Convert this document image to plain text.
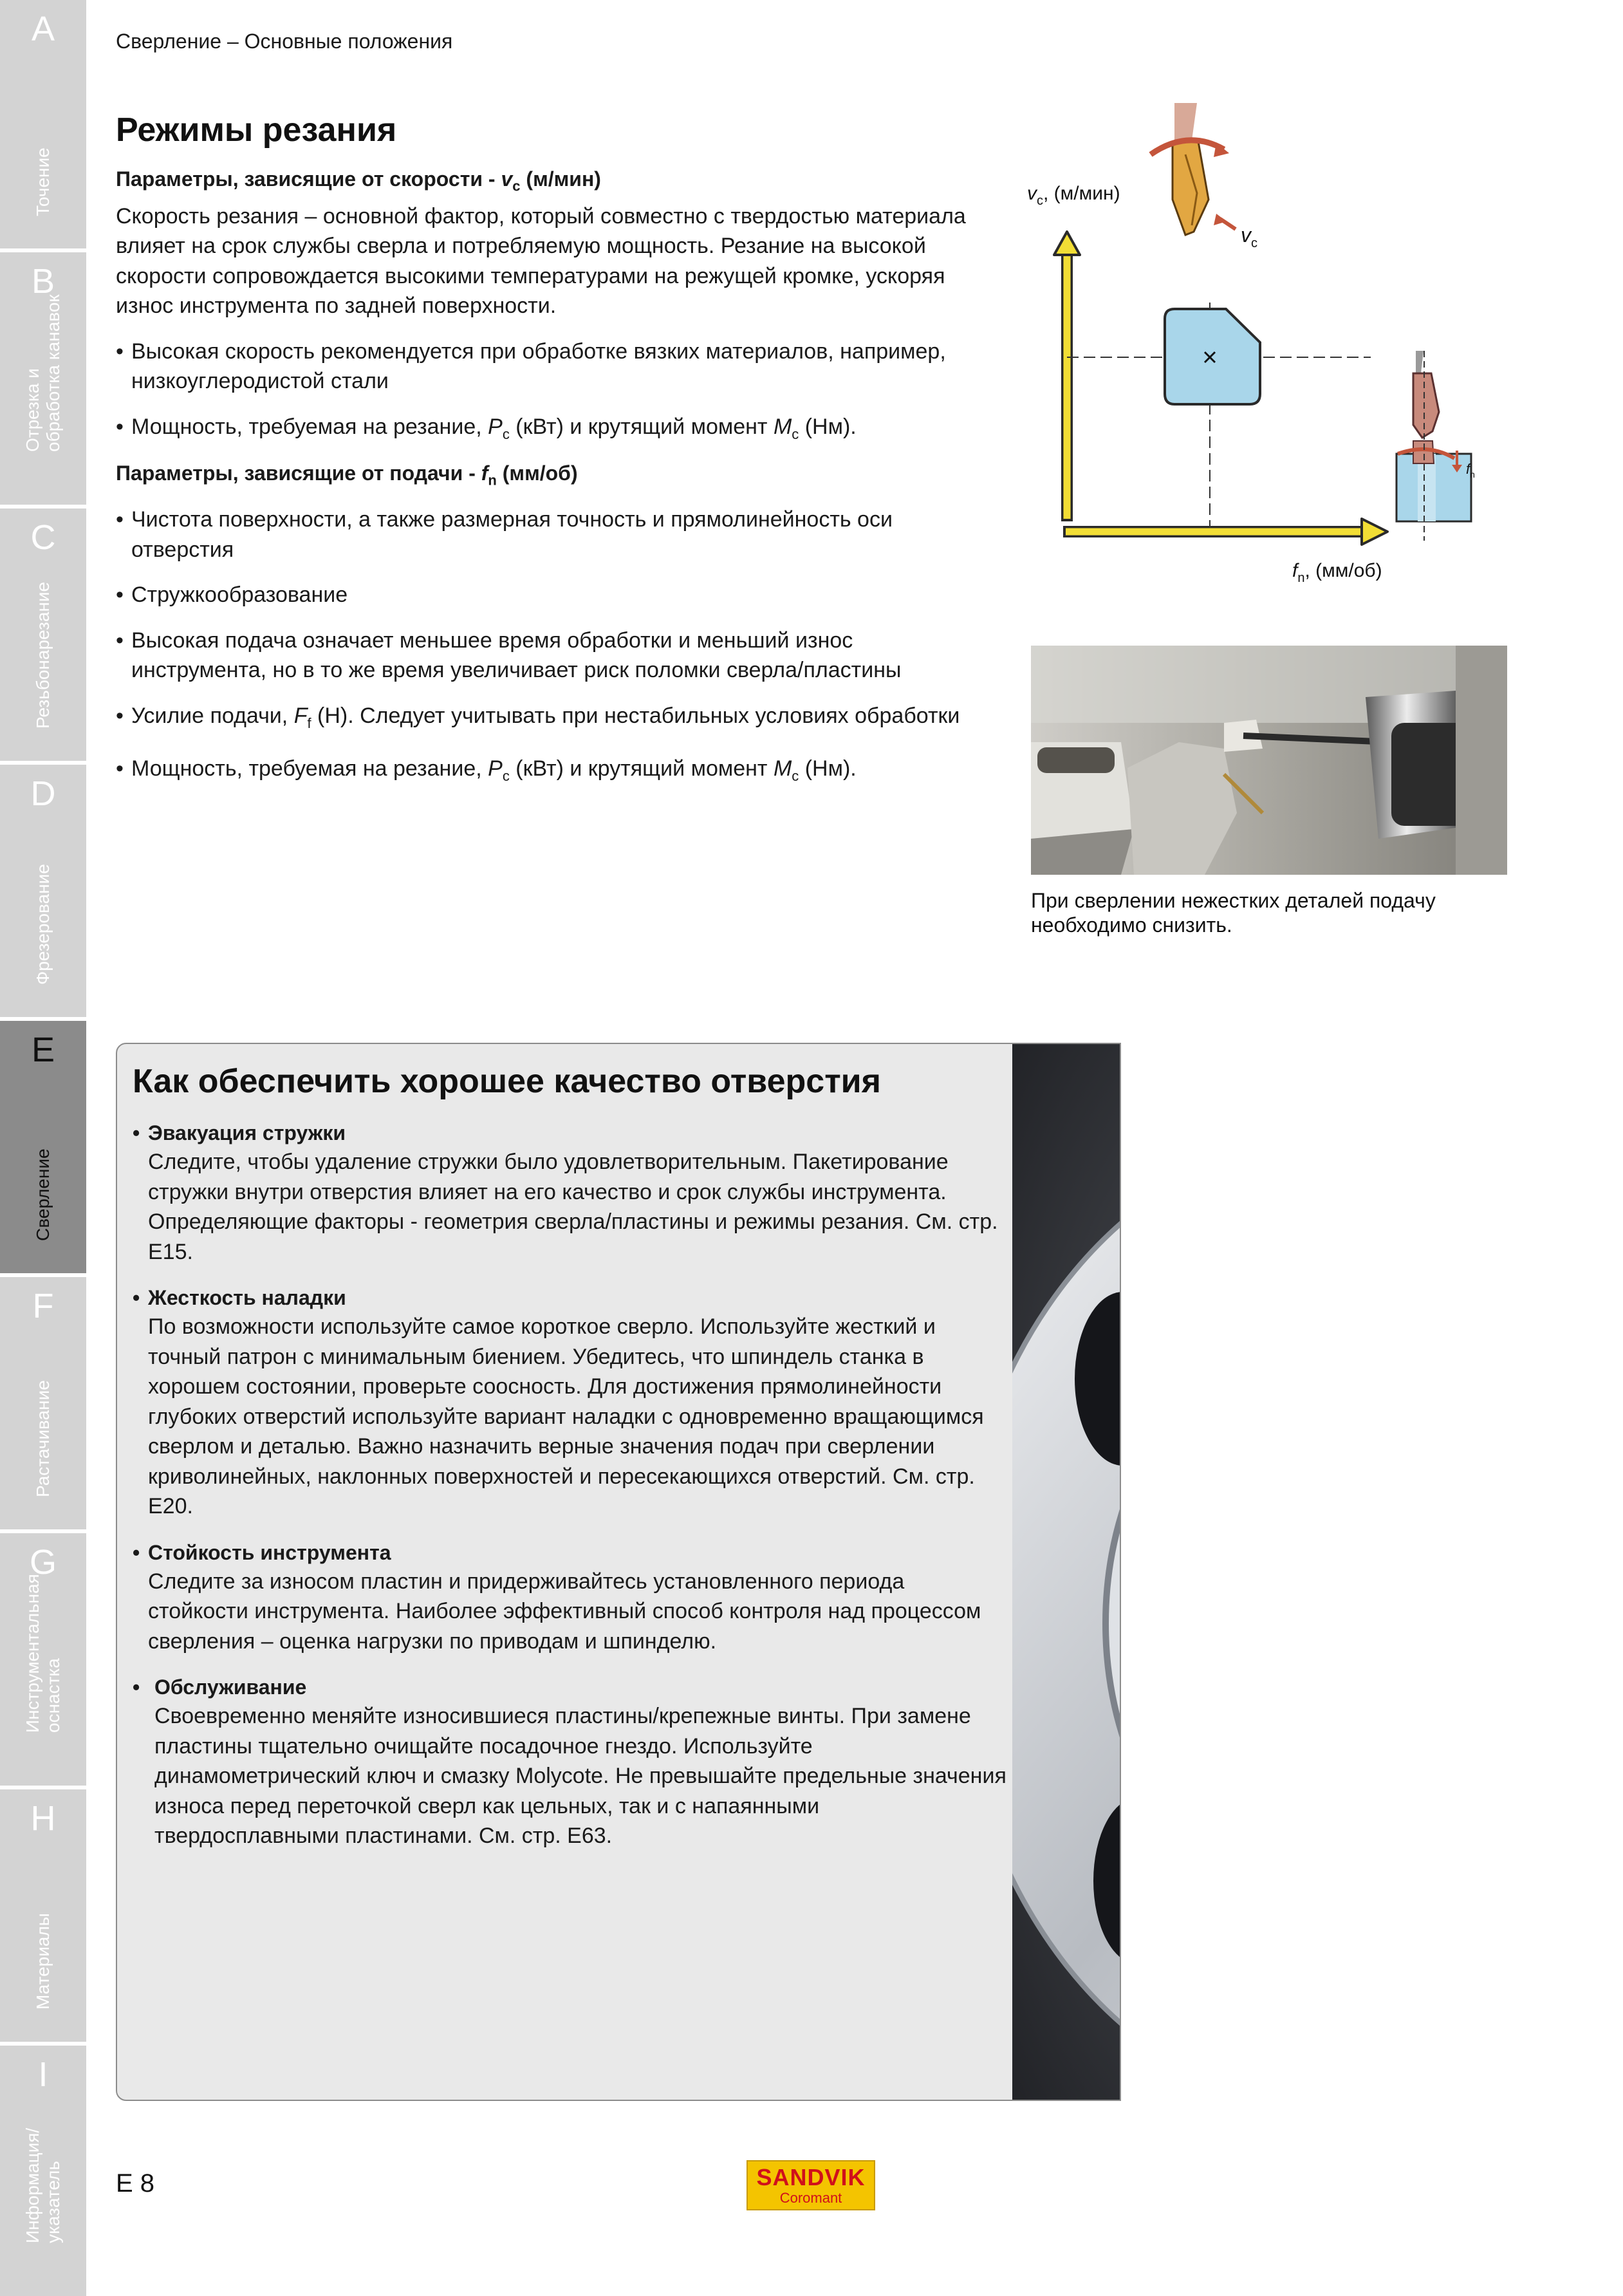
A
Точение
B
Отрезка и
обработка канавок
C
Резьбонарезание
D
Фрезерование
E
Сверление
F
Растачивание
G
Инструментальная
оснастка
H
Материалы
I
Информация/
указатель
Сверление – Основные положения
Режимы резания

Параметры, зависящие от скорости - $v_c$ (м/мин)

Скорость резания – основной фактор, который совместно с твердостью материала влияет на срок службы сверла и потребляемую мощность. Резание на высокой скорости сопровождается высокими температурами на режущей кромке, ускоряя износ инструмента по задней поверхности.

• Высокая скорость рекомендуется при обработке вязких материалов, например, низкоуглеродистой стали

• Мощность, требуемая на резание, $P_c$ (кВт) и крутящий момент $M_c$ (Нм).

Параметры, зависящие от подачи - $f_n$ (мм/об)

• Чистота поверхности, а также размерная точность и прямолинейность оси отверстия

• Стружкообразование

• Высокая подача означает меньшее время обработки и меньший износ инструмента, но в то же время увеличивает риск поломки сверла/пластины

• Усилие подачи, $F_f$ (Н). Следует учитывать при нестабильных условиях обработки

• Мощность, требуемая на резание, $P_c$ (кВт) и крутящий момент $M_c$ (Нм).

$v_c$, (м/мин)
$f_n$, (мм/об)
$v_c$
$f_n$
При сверлении нежестких деталей подачу необходимо снизить.
Как обеспечить хорошее качество отверстия
• Эвакуация стружки
Следите, чтобы удаление стружки было удовлетворительным. Пакетирование стружки внутри отверстия влияет на его качество и срок службы инструмента. Определяющие факторы - геометрия сверла/пластины и режимы резания. См. стр. E15.
• Жесткость наладки
По возможности используйте самое короткое сверло. Используйте жесткий и точный патрон с минимальным биением. Убедитесь, что шпиндель станка в хорошем состоянии, проверьте соосность. Для достижения прямолинейности глубоких отверстий используйте вариант наладки с одновременно вращающимся сверлом и деталью. Важно назначить верные значения подач при сверлении криволинейных, наклонных поверхностей и пересекающихся отверстий. См. стр. E20.
• Стойкость инструмента
Следите за износом пластин и придерживайтесь установленного периода стойкости инструмента. Наиболее эффективный способ контроля над процессом сверления – оценка нагрузки по приводам и шпинделю.
• Обслуживание
Своевременно меняйте износившиеся пластины/крепежные винты. При замене пластины тщательно очищайте посадочное гнездо. Используйте динамометрический ключ и смазку Molycote. Не превышайте предельные значения износа перед переточкой сверл как цельных, так и с напаянными твердосплавными пластинами. См. стр. E63.
E 8	SANDVIK
Coromant
